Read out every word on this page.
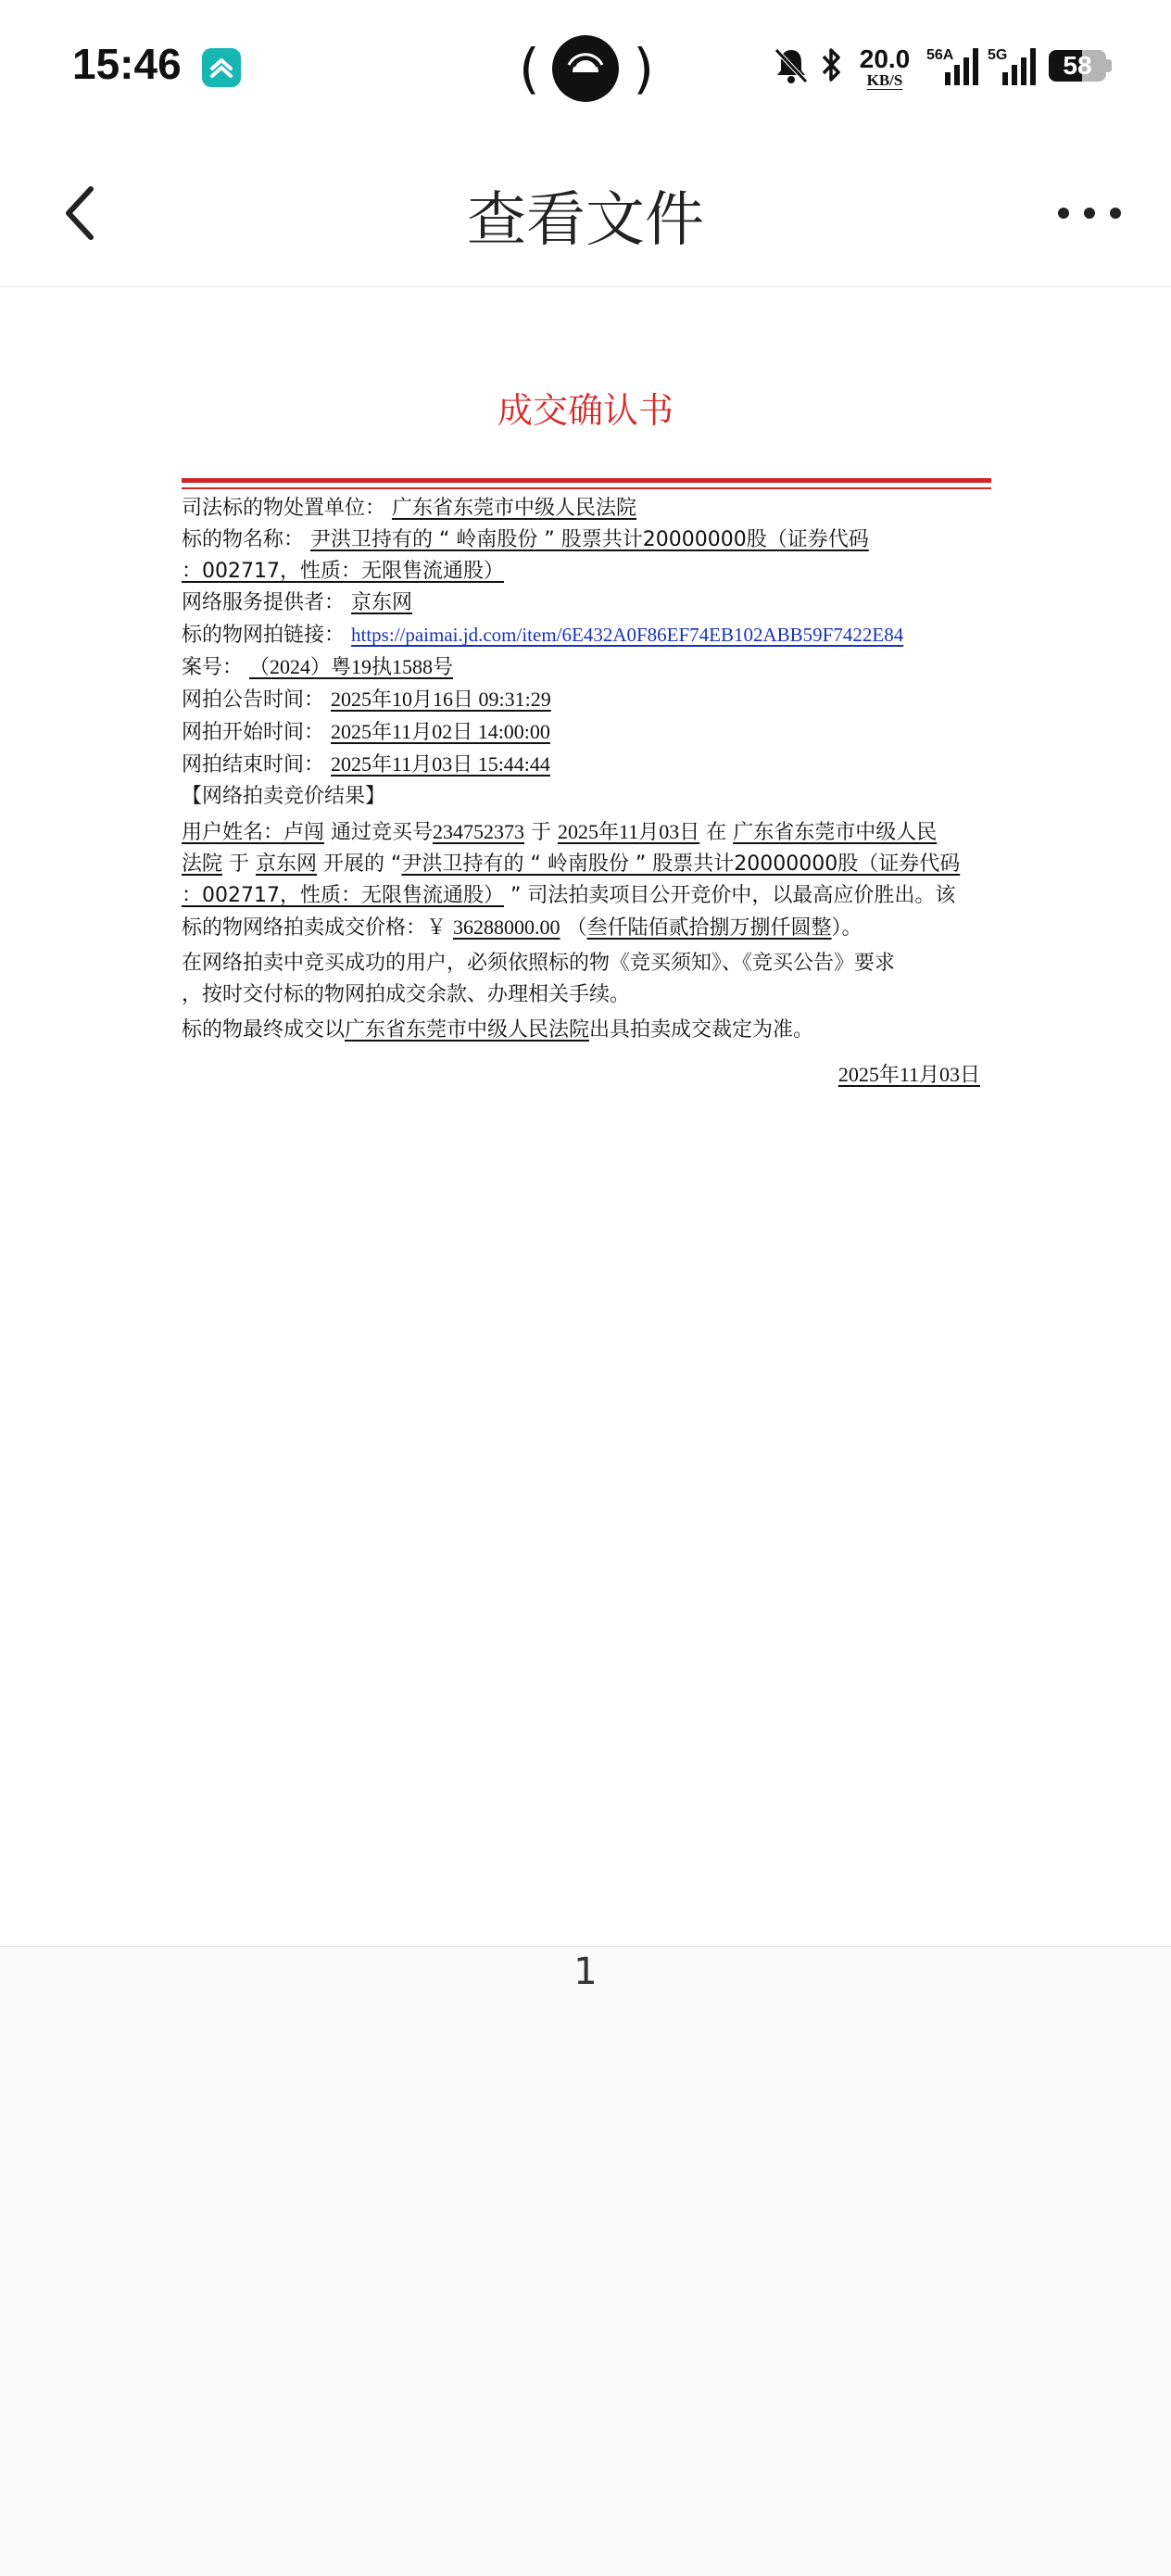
15:46	( )	20.0
KB/S
56A 5G	58
查看文件
成交确认书
司法标的物处置单位： 广东省东莞市中级人民法院
标的物名称： 尹洪卫持有的 “ 岭南股份 ” 股票共计20000000股（证券代码
：002717，性质：无限售流通股）
网络服务提供者： 京东网
标的物网拍链接： https://paimai.jd.com/item/6E432A0F86EF74EB102ABB59F7422E84
案号： （2024）粤19执1588号
网拍公告时间： 2025年10月16日 09:31:29
网拍开始时间： 2025年11月02日 14:00:00
网拍结束时间： 2025年11月03日 15:44:44
【网络拍卖竞价结果】
用户姓名：卢闯 通过竞买号234752373 于 2025年11月03日 在 广东省东莞市中级人民
法院 于 京东网 开展的 “尹洪卫持有的 “ 岭南股份 ” 股票共计20000000股（证券代码
：002717，性质：无限售流通股） ” 司法拍卖项目公开竞价中，以最高应价胜出。该
标的物网络拍卖成交价格：￥ 36288000.00 （叁仟陆佰贰拾捌万捌仟圆整）。
在网络拍卖中竞买成功的用户，必须依照标的物《竞买须知》、《竞买公告》要求
，按时交付标的物网拍成交余款、办理相关手续。
标的物最终成交以广东省东莞市中级人民法院出具拍卖成交裁定为准。
2025年11月03日
1
